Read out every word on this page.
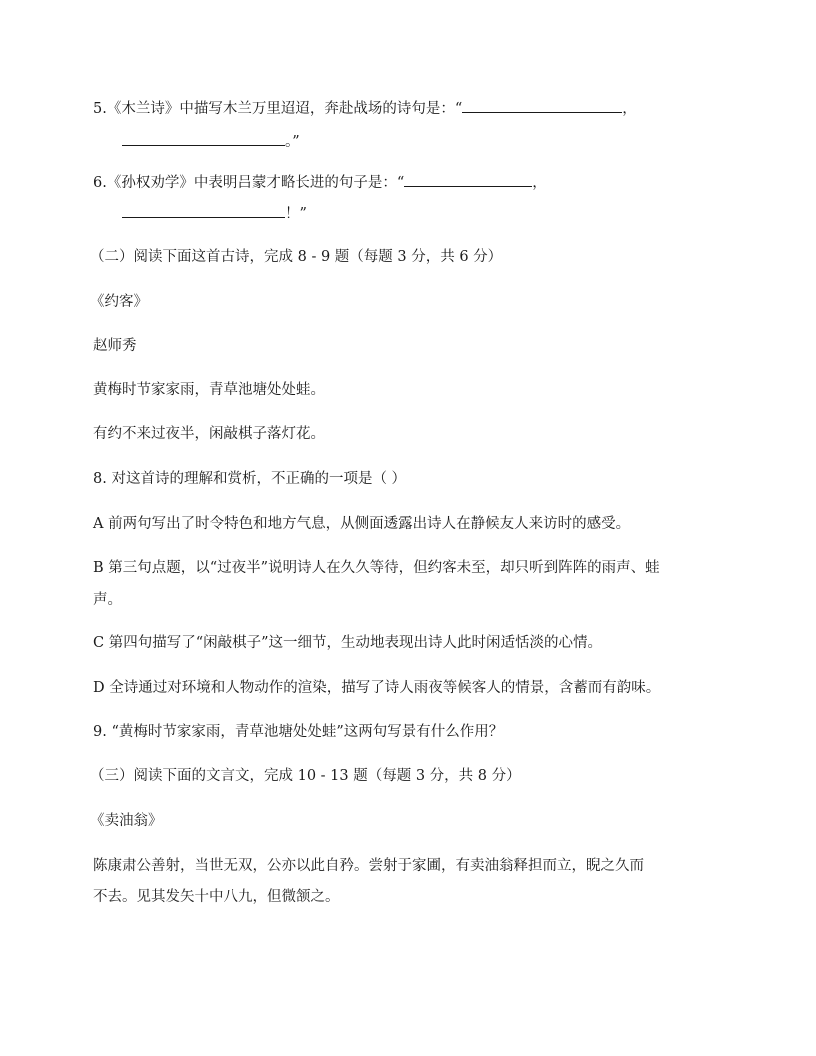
5.《木兰诗》中描写木兰万里迢迢，奔赴战场的诗句是：“	，
。”
6.《孙权劝学》中表明吕蒙才略长进的句子是：“	，
！”
（二）阅读下面这首古诗，完成 8 - 9 题（每题 3 分，共 6 分）
《约客》
赵师秀
黄梅时节家家雨，青草池塘处处蛙。
有约不来过夜半，闲敲棋子落灯花。
8. 对这首诗的理解和赏析，不正确的一项是（ ）
A 前两句写出了时令特色和地方气息，从侧面透露出诗人在静候友人来访时的感受。
B 第三句点题，以“过夜半”说明诗人在久久等待，但约客未至，却只听到阵阵的雨声、蛙
声。
C 第四句描写了“闲敲棋子”这一细节，生动地表现出诗人此时闲适恬淡的心情。
D 全诗通过对环境和人物动作的渲染，描写了诗人雨夜等候客人的情景，含蓄而有韵味。
9. “黄梅时节家家雨，青草池塘处处蛙”这两句写景有什么作用？
（三）阅读下面的文言文，完成 10 - 13 题（每题 3 分，共 8 分）
《卖油翁》
陈康肃公善射，当世无双，公亦以此自矜。尝射于家圃，有卖油翁释担而立，睨之久而
不去。见其发矢十中八九，但微颔之。
